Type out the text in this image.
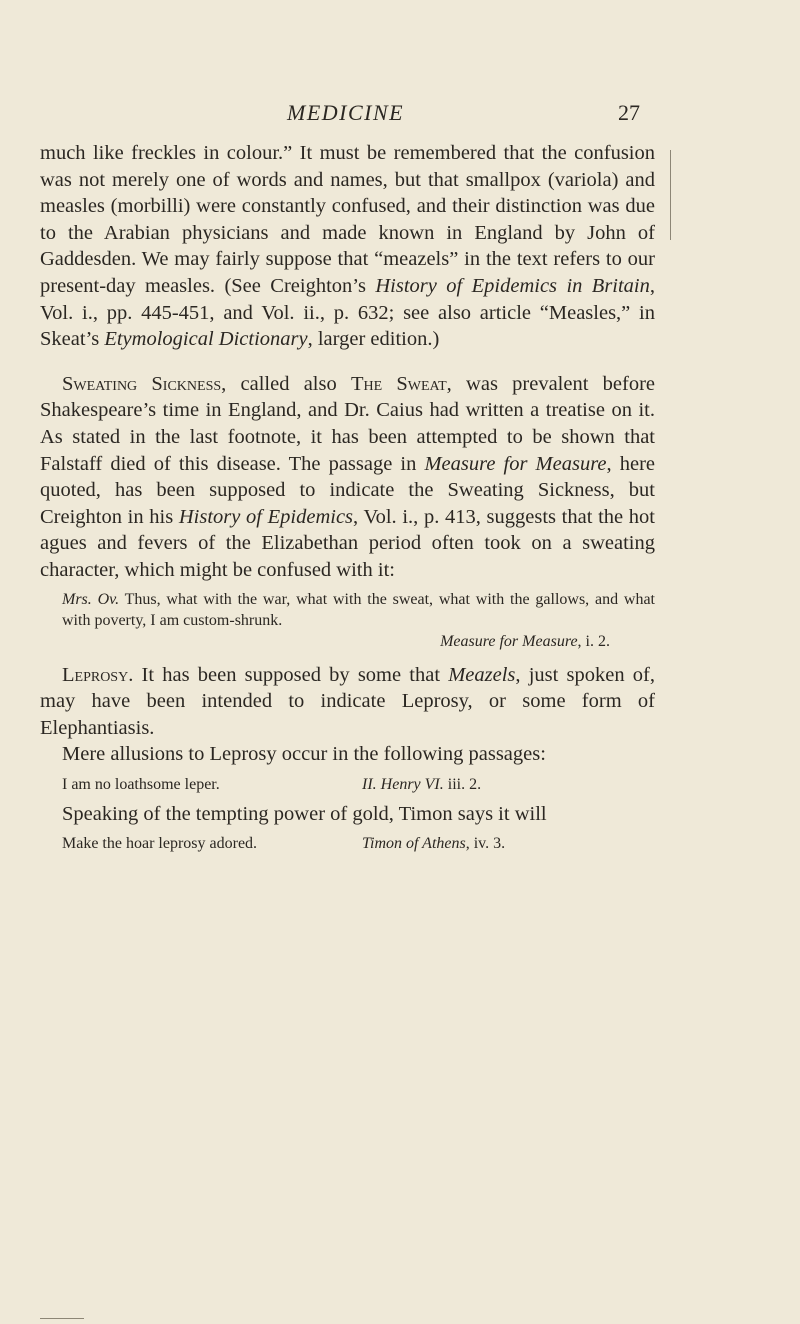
MEDICINE	27

much like freckles in colour.” It must be remembered that the confusion was not merely one of words and names, but that smallpox (variola) and measles (morbilli) were constantly confused, and their distinction was due to the Arabian physicians and made known in England by John of Gaddesden. We may fairly suppose that “meazels” in the text refers to our present-day measles. (See Creighton’s History of Epidemics in Britain, Vol. i., pp. 445-451, and Vol. ii., p. 632; see also article “Measles,” in Skeat’s Etymological Dictionary, larger edition.)

Sweating Sickness, called also The Sweat, was prevalent before Shakespeare’s time in England, and Dr. Caius had written a treatise on it. As stated in the last footnote, it has been attempted to be shown that Falstaff died of this disease. The passage in Measure for Measure, here quoted, has been supposed to indicate the Sweating Sickness, but Creighton in his History of Epidemics, Vol. i., p. 413, suggests that the hot agues and fevers of the Elizabethan period often took on a sweating character, which might be confused with it:

Mrs. Ov. Thus, what with the war, what with the sweat, what with the gallows, and what with poverty, I am custom-shrunk.
Measure for Measure, i. 2.

Leprosy. It has been supposed by some that Meazels, just spoken of, may have been intended to indicate Leprosy, or some form of Elephantiasis.

Mere allusions to Leprosy occur in the following passages:

I am no loathsome leper.	II. Henry VI. iii. 2.

Speaking of the tempting power of gold, Timon says it will

Make the hoar leprosy adored.	Timon of Athens, iv. 3.
